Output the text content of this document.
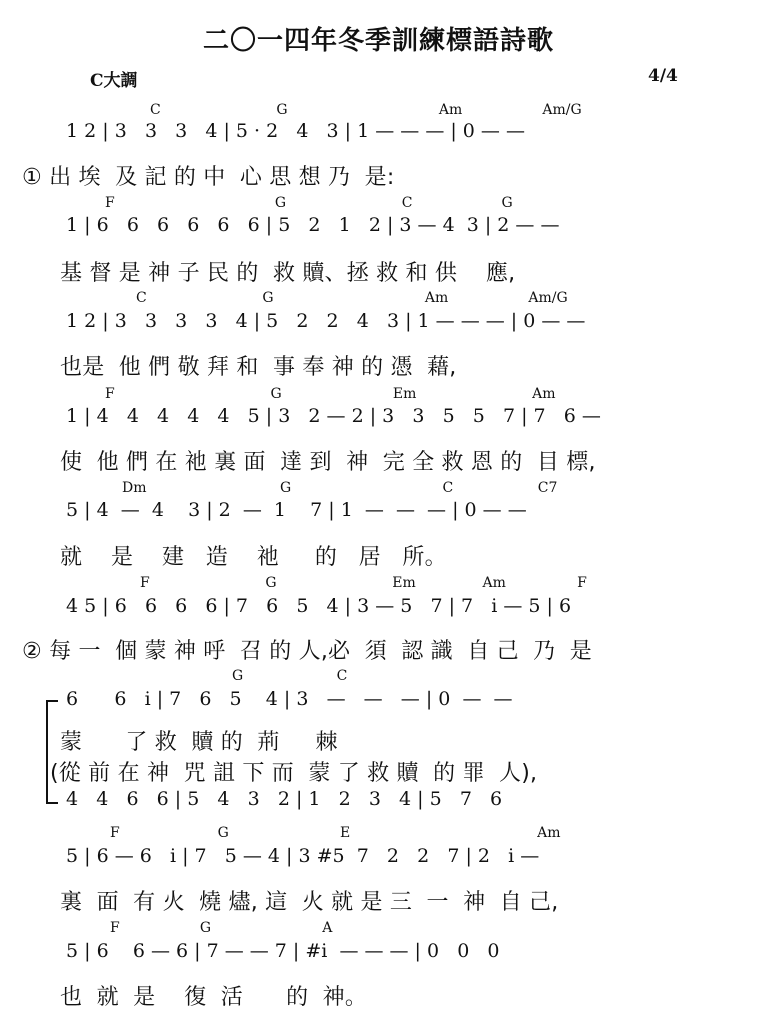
二〇一四年冬季訓練標語詩歌
C大調	4/4
C                          G                                  Am                  Am/G
1 2 | 3   3   3   4 | 5 · 2   4   3 | 1 — — — | 0 — —
① 出 埃  及 記 的 中  心 思 想 乃  是:
F                                    G                          C                    G
1 | 6   6   6   6   6   6 | 5   2   1   2 | 3 — 4  3 | 2 — —
基 督 是 神 子 民 的  救 贖、拯 救 和 供    應,
C                          G                                  Am                  Am/G
1 2 | 3   3   3   3   4 | 5   2   2   4   3 | 1 — — — | 0 — —
也是  他 們 敬 拜 和  事 奉 神 的 憑  藉,
F                                   G                         Em                          Am
1 | 4   4   4   4   4   5 | 3   2 — 2 | 3   3   5   5   7 | 7   6 —
使  他 們 在 祂 裏 面  達 到  神  完 全 救 恩 的  目 標,
Dm                              G                                  C                   C7
5 | 4  —  4    3 | 2  —  1    7 | 1  —  —  — | 0 — —
就    是    建   造    祂     的   居   所。
F                          G                          Em               Am                F
4 5 | 6   6   6   6 | 7   6   5   4 | 3 — 5   7 | 7   i — 5 | 6
② 每 一  個 蒙 神 呼  召 的 人,必  須  認 識  自 己  乃  是
G                     C
6      6   i | 7   6   5    4 | 3   —   —   — | 0  —  —
蒙      了 救  贖 的  荊     棘
(從 前 在 神  咒 詛 下 而  蒙 了 救 贖  的 罪  人),
4   4   6   6 | 5   4   3   2 | 1   2   3   4 | 5   7   6
F                      G                         E                                          Am
5 | 6 — 6   i | 7   5 — 4 | 3 #5  7   2   2   7 | 2   i —
裏  面  有 火  燒 燼, 這  火 就 是 三  一  神  自 己,
F                  G                         A
5 | 6    6 — 6 | 7 — — 7 | #i  — — — | 0   0   0
也  就  是    復  活      的  神。
